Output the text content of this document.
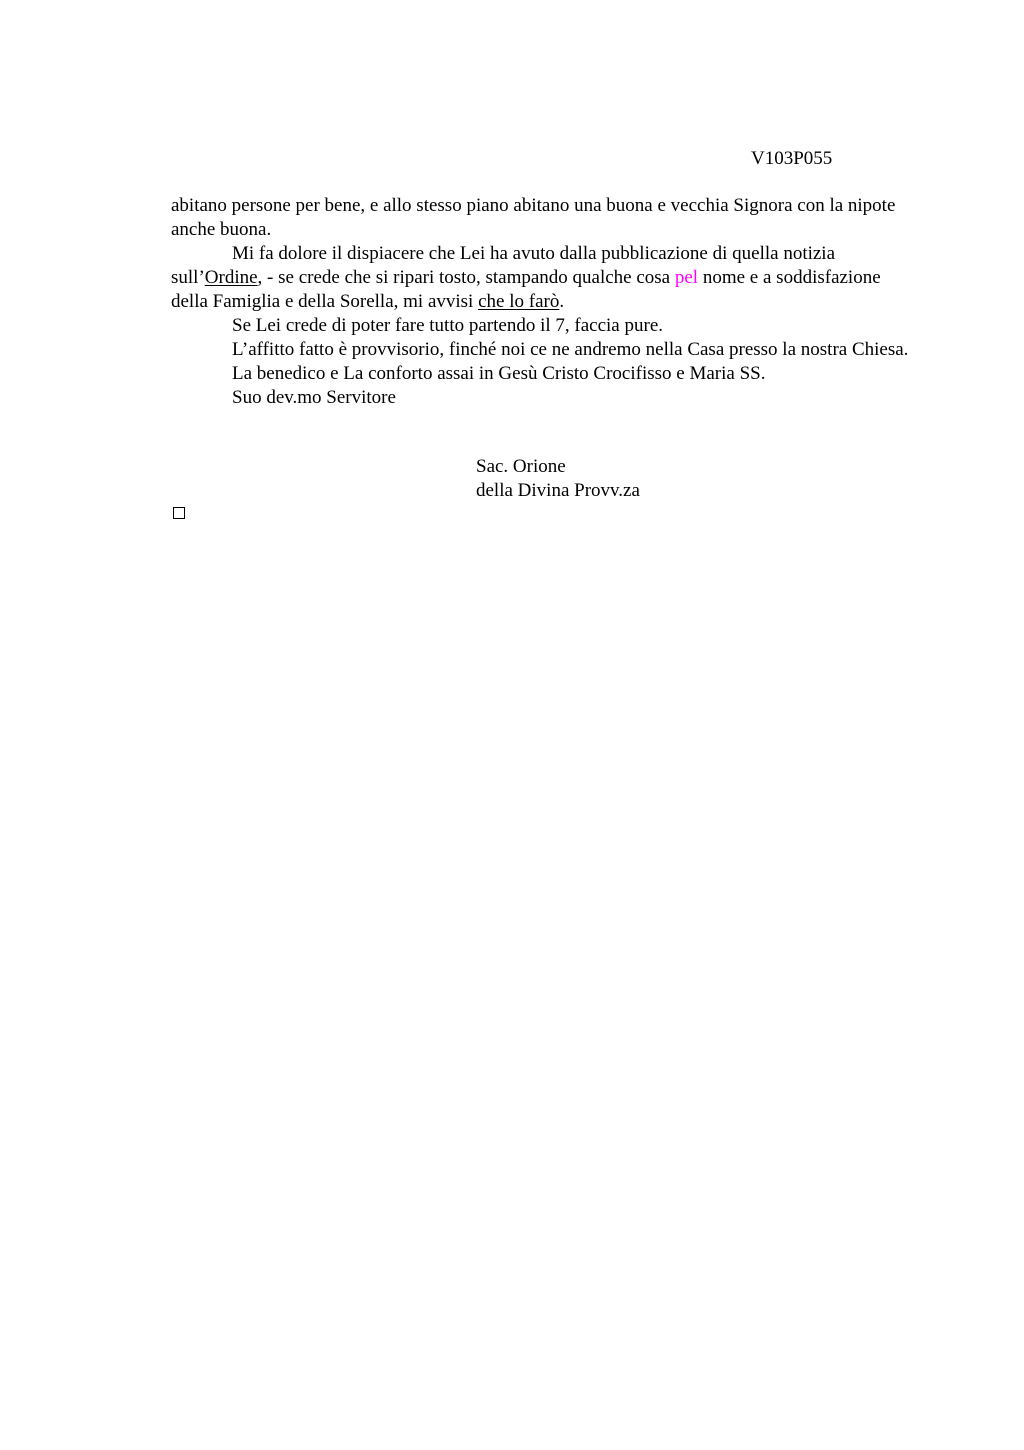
V103P055

abitano persone per bene, e allo stesso piano abitano una buona e vecchia Signora con la nipote anche buona.

Mi fa dolore il dispiacere che Lei ha avuto dalla pubblicazione di quella notizia sull’Ordine, - se crede che si ripari tosto, stampando qualche cosa pel nome e a soddisfazione della Famiglia e della Sorella, mi avvisi che lo farò.

Se Lei crede di poter fare tutto partendo il 7, faccia pure.

L’affitto fatto è provvisorio, finché noi ce ne andremo nella Casa presso la nostra Chiesa.

La benedico e La conforto assai in Gesù Cristo Crocifisso e Maria SS.

Suo dev.mo Servitore

Sac. Orione

della Divina Provv.za
